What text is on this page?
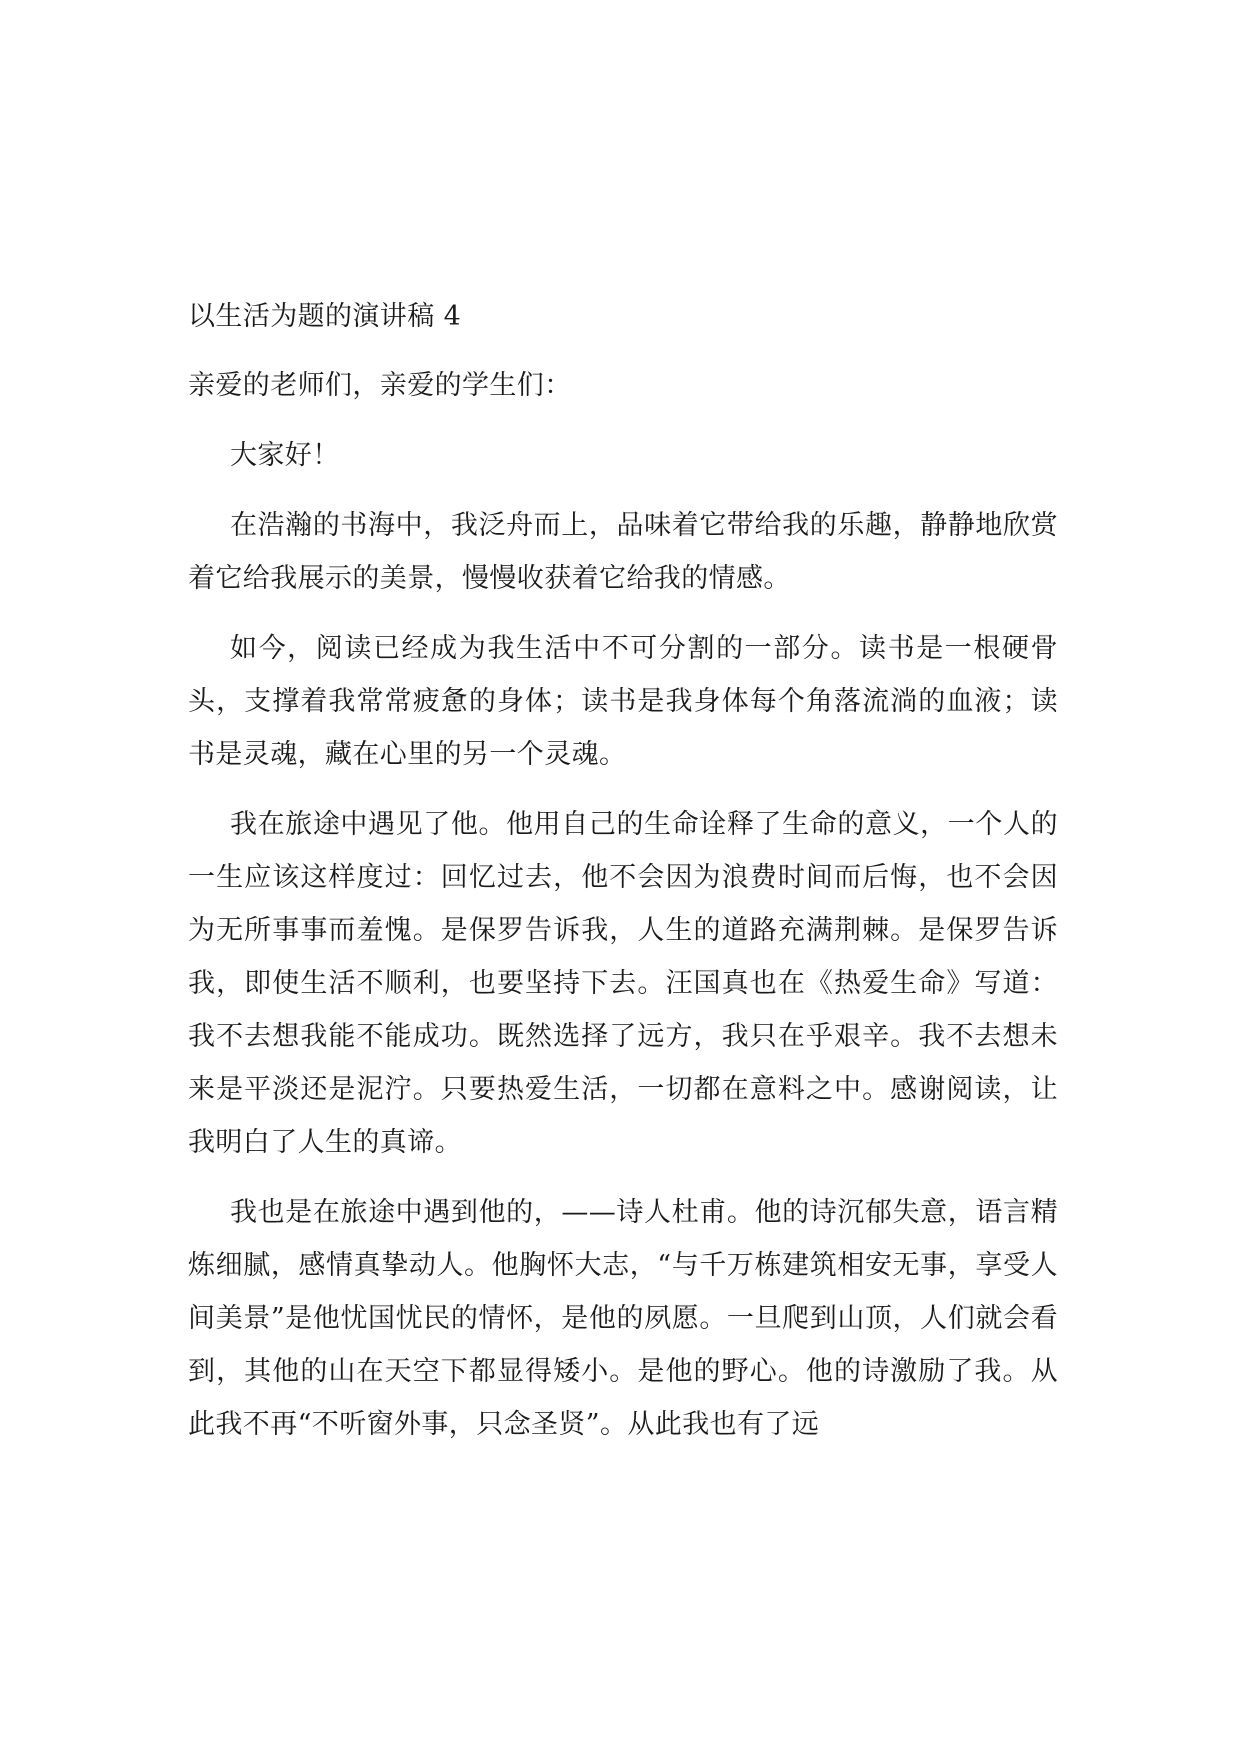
以生活为题的演讲稿 4

亲爱的老师们，亲爱的学生们：

大家好！

在浩瀚的书海中，我泛舟而上，品味着它带给我的乐趣，静静地欣赏着它给我展示的美景，慢慢收获着它给我的情感。

如今，阅读已经成为我生活中不可分割的一部分。读书是一根硬骨头，支撑着我常常疲惫的身体；读书是我身体每个角落流淌的血液；读书是灵魂，藏在心里的另一个灵魂。

我在旅途中遇见了他。他用自己的生命诠释了生命的意义，一个人的一生应该这样度过：回忆过去，他不会因为浪费时间而后悔，也不会因为无所事事而羞愧。是保罗告诉我，人生的道路充满荆棘。是保罗告诉我，即使生活不顺利，也要坚持下去。汪国真也在《热爱生命》写道：我不去想我能不能成功。既然选择了远方，我只在乎艰辛。我不去想未来是平淡还是泥泞。只要热爱生活，一切都在意料之中。感谢阅读，让我明白了人生的真谛。

我也是在旅途中遇到他的，——诗人杜甫。他的诗沉郁失意，语言精炼细腻，感情真挚动人。他胸怀大志，“与千万栋建筑相安无事，享受人间美景”是他忧国忧民的情怀，是他的夙愿。一旦爬到山顶，人们就会看到，其他的山在天空下都显得矮小。是他的野心。他的诗激励了我。从此我不再“不听窗外事，只念圣贤”。从此我也有了远
